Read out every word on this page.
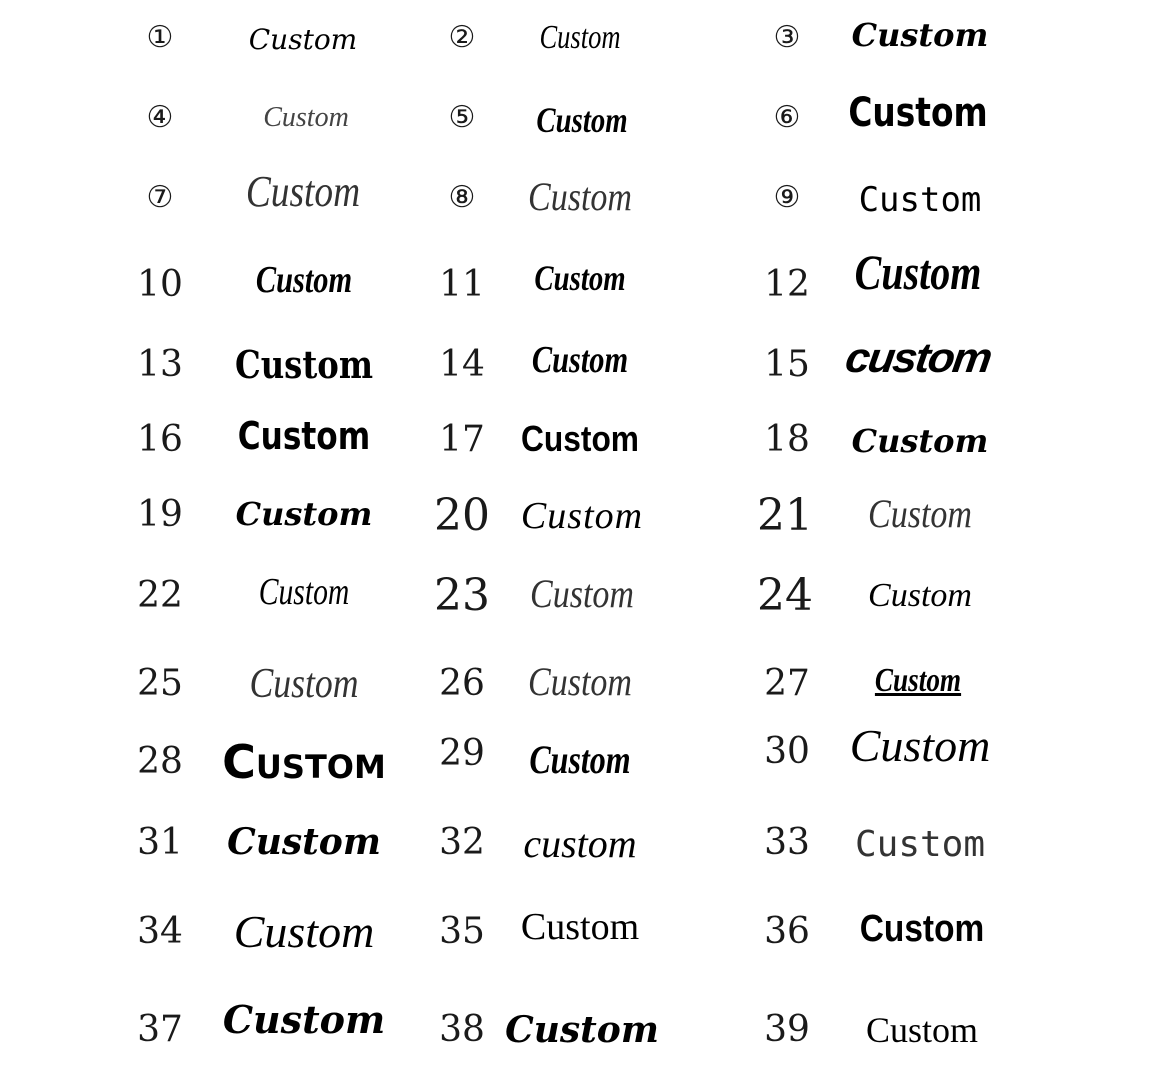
①	Custom	② Custom	③ Custom
④	Custom	⑤ Custom	⑥ Custom
⑦ Custom	⑧ Custom	⑨ Custom
10 Custom 11 Custom	12 Custom
13 Custom 14 Custom	15 custom
16 Custom 17 Custom	18 Custom
19 Custom 20 Custom	21 Custom
22 Custom 23 Custom	24 Custom
25 Custom 26 Custom	27 Custom
28 Custom 29 Custom	30 Custom
31 Custom 32 custom	33 Custom
34 Custom 35 Custom	36 Custom
37 Custom 38 Custom	39 Custom
